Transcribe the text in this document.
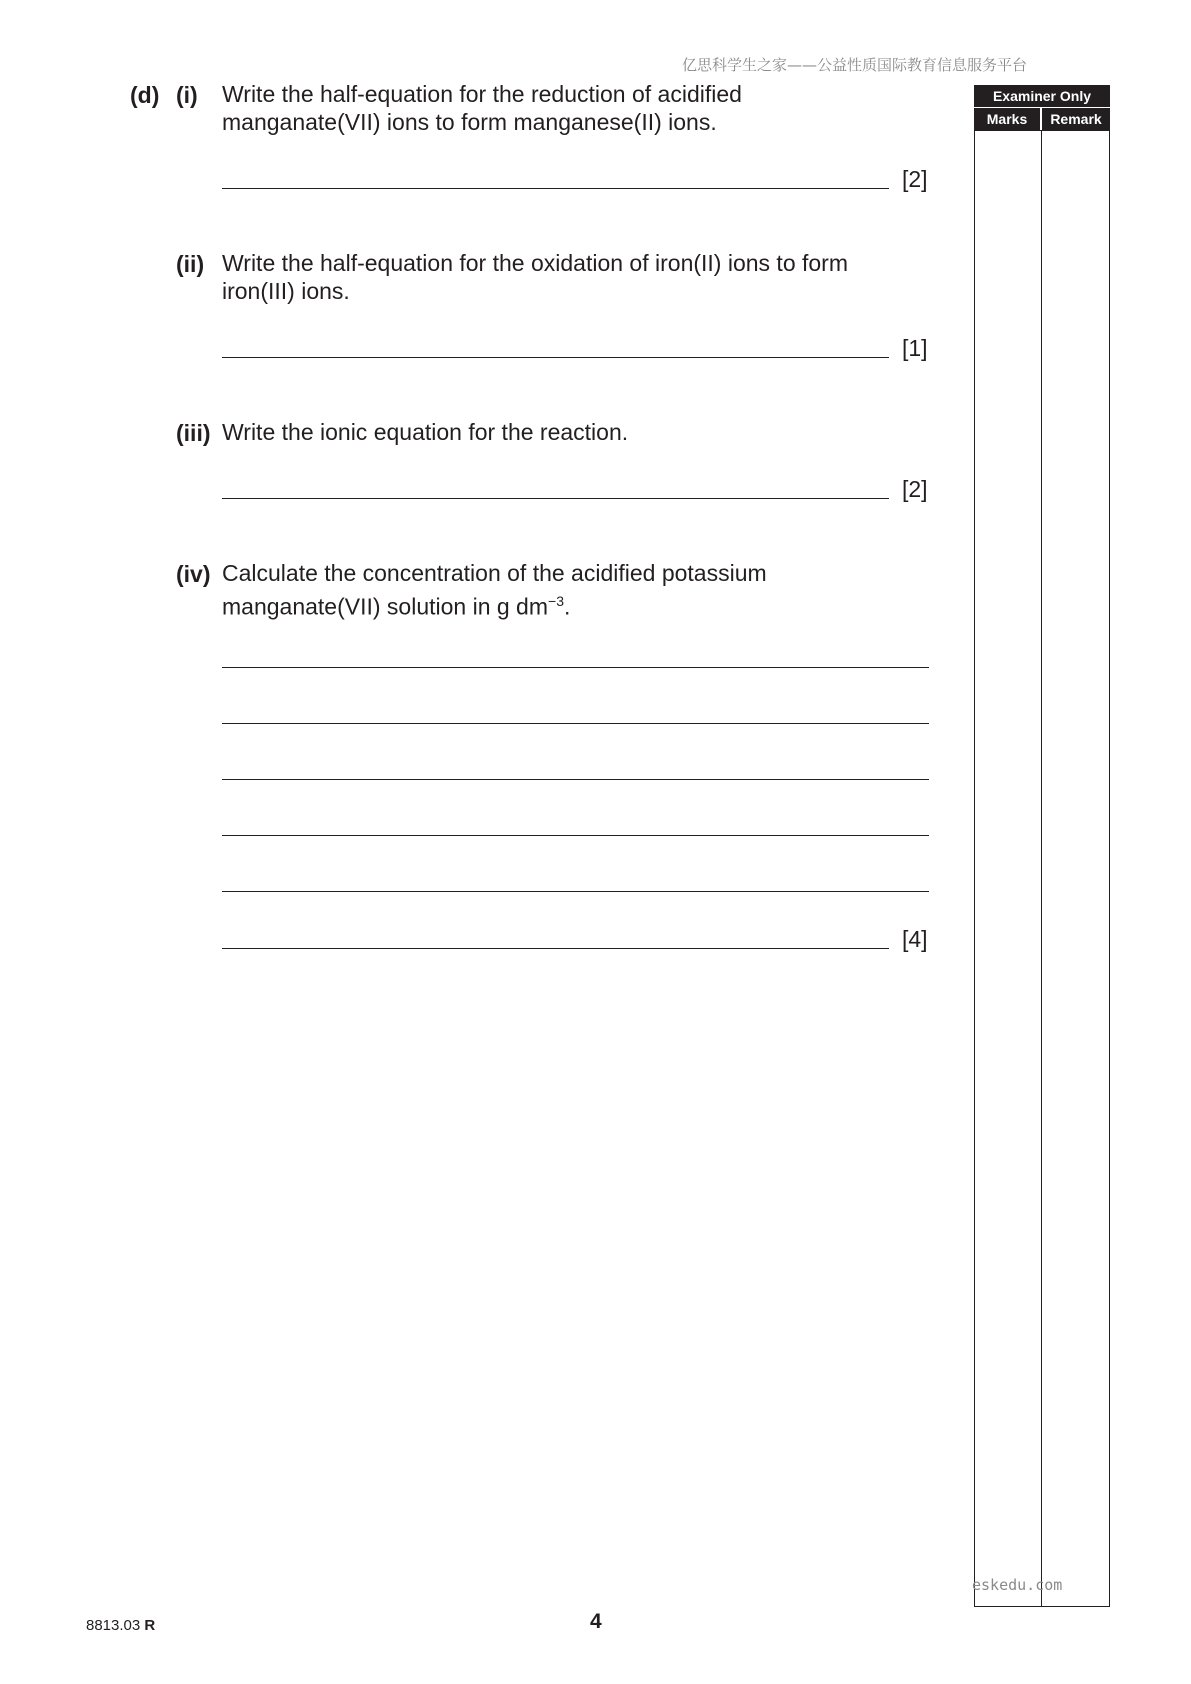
亿思科学生之家——公益性质国际教育信息服务平台
Examiner Only
Marks	Remark
(d) (i) Write the half-equation for the reduction of acidified
manganate(VII) ions to form manganese(II) ions.
[2]
(ii) Write the half-equation for the oxidation of iron(II) ions to form
iron(III) ions.
[1]
(iii) Write the ionic equation for the reaction.
[2]
(iv) Calculate the concentration of the acidified potassium
manganate(VII) solution in g $dm^{-3}$.
[4]
eskedu.com
8813.03 R	4
